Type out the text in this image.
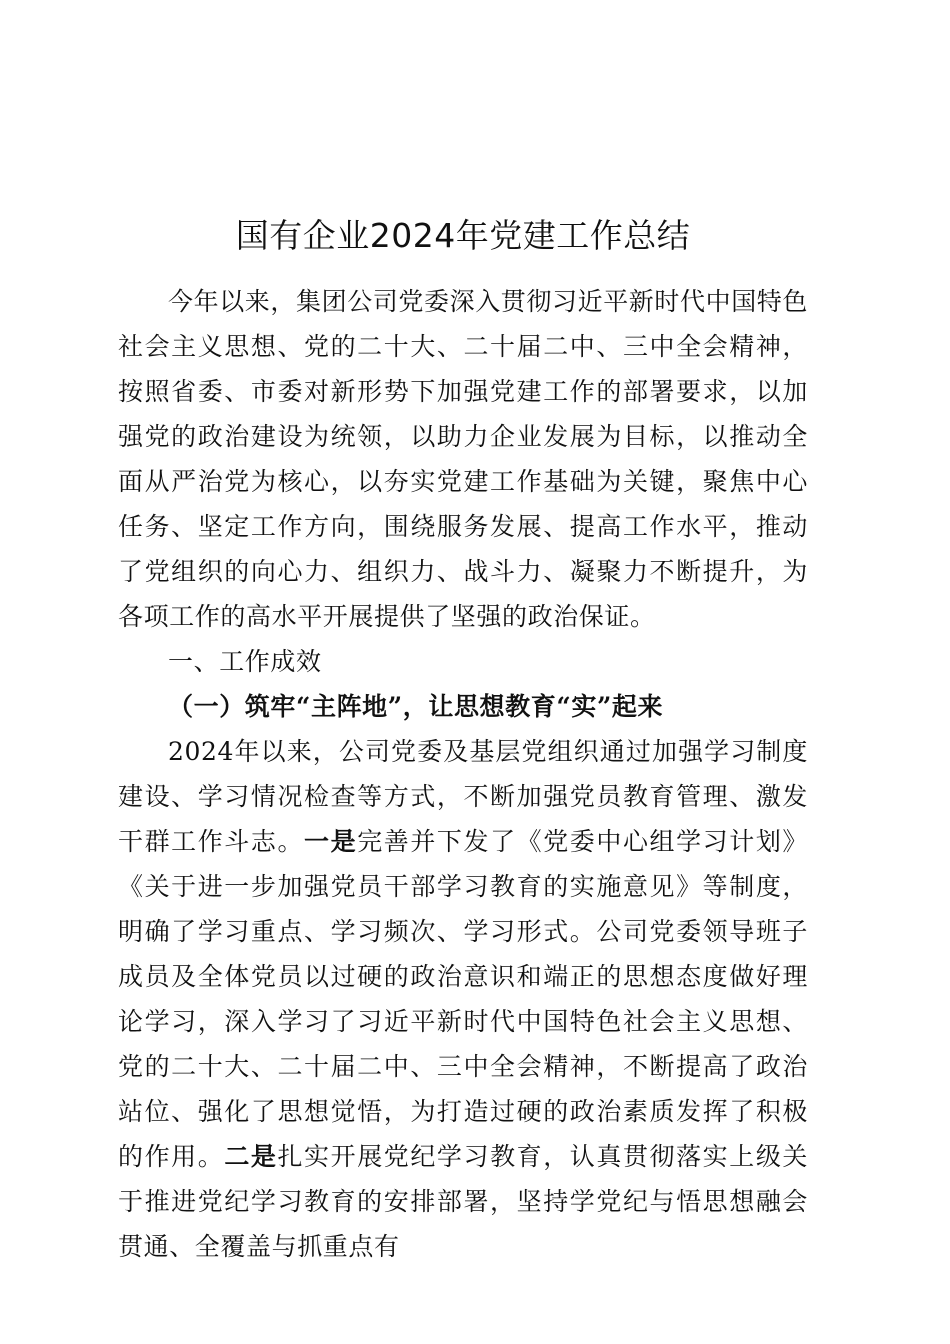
国有企业2024年党建工作总结

今年以来，集团公司党委深入贯彻习近平新时代中国特色社会主义思想、党的二十大、二十届二中、三中全会精神，按照省委、市委对新形势下加强党建工作的部署要求，以加强党的政治建设为统领，以助力企业发展为目标，以推动全面从严治党为核心，以夯实党建工作基础为关键，聚焦中心任务、坚定工作方向，围绕服务发展、提高工作水平，推动了党组织的向心力、组织力、战斗力、凝聚力不断提升，为各项工作的高水平开展提供了坚强的政治保证。

一、工作成效

（一）筑牢“主阵地”，让思想教育“实”起来

2024年以来，公司党委及基层党组织通过加强学习制度建设、学习情况检查等方式，不断加强党员教育管理、激发干群工作斗志。一是完善并下发了《党委中心组学习计划》《关于进一步加强党员干部学习教育的实施意见》等制度，明确了学习重点、学习频次、学习形式。公司党委领导班子成员及全体党员以过硬的政治意识和端正的思想态度做好理论学习，深入学习了习近平新时代中国特色社会主义思想、党的二十大、二十届二中、三中全会精神，不断提高了政治站位、强化了思想觉悟，为打造过硬的政治素质发挥了积极的作用。二是扎实开展党纪学习教育，认真贯彻落实上级关于推进党纪学习教育的安排部署，坚持学党纪与悟思想融会贯通、全覆盖与抓重点有
